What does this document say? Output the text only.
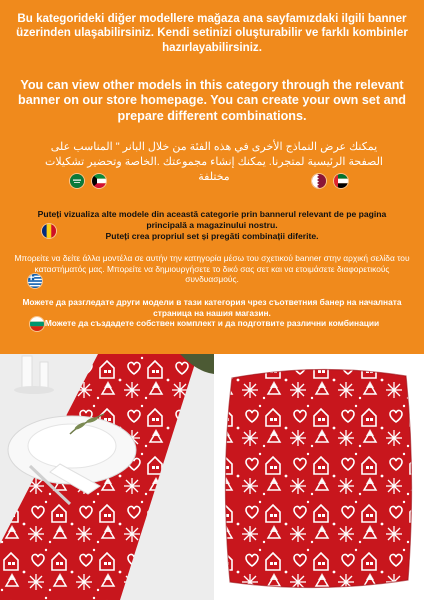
Bu kategorideki diğer modellere mağaza ana sayfamızdaki ilgili banner üzerinden ulaşabilirsiniz. Kendi setinizi oluşturabilir ve farklı kombinler hazırlayabilirsiniz.
You can view other models in this category through the relevant banner on our store homepage. You can create your own set and prepare different combinations.
يمكنك عرض النماذج الأخرى في هذه الفئة من خلال البانر " المناسب على الصفحة الرئيسية لمتجرنا. يمكنك إنشاء مجموعتك .الخاصة وتحضير تشكيلات مختلفة
Puteți vizualiza alte modele din această categorie prin bannerul relevant de pe pagina principală a magazinului nostru.
Puteți crea propriul set și pregăti combinații diferite.
Μπορείτε να δείτε άλλα μοντέλα σε αυτήν την κατηγορία μέσω του σχετικού banner στην αρχική σελίδα του καταστήματός μας. Μπορείτε να δημιουργήσετε το δικό σας σετ και να ετοιμάσετε διαφορετικούς συνδυασμούς.
Можете да разгледате други модели в тази категория чрез съответния банер на началната страница на нашия магазин.
Можете да създадете собствен комплект и да подготвите различни комбинации
